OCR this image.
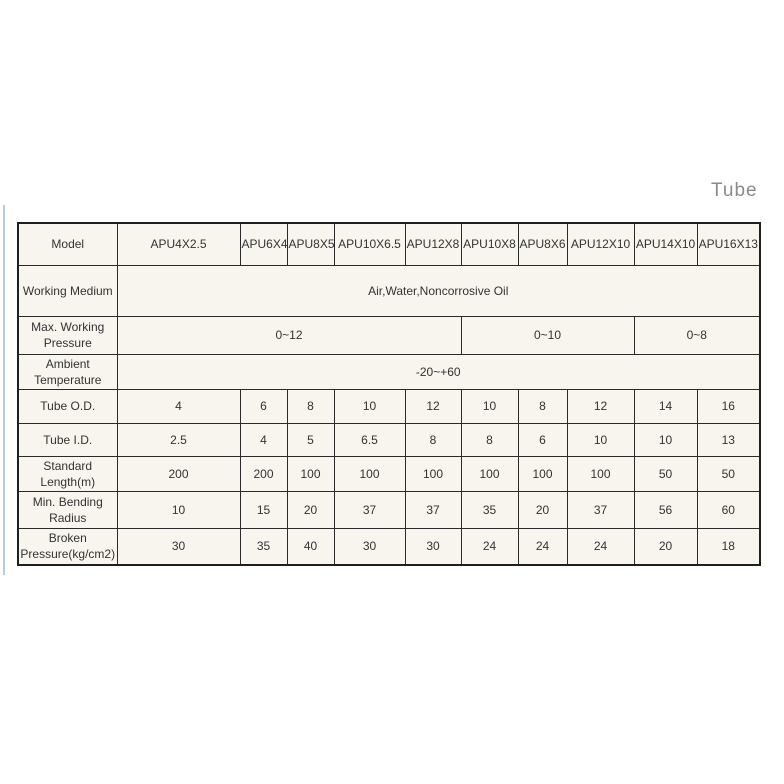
Tube
Model	APU4X2.5	APU6X4	APU8X5	APU10X6.5	APU12X8	APU10X8	APU8X6	APU12X10	APU14X10	APU16X13
Working Medium	Air,Water,Noncorrosive Oil									
Max. Working Pressure	0~12					0~10			0~8	
Ambient Temperature	-20~+60									
Tube O.D.	4	6	8	10	12	10	8	12	14	16
Tube I.D.	2.5	4	5	6.5	8	8	6	10	10	13
Standard Length(m)	200	200	100	100	100	100	100	100	50	50
Min. Bending Radius	10	15	20	37	37	35	20	37	56	60
Broken Pressure(kg/cm2)	30	35	40	30	30	24	24	24	20	18
